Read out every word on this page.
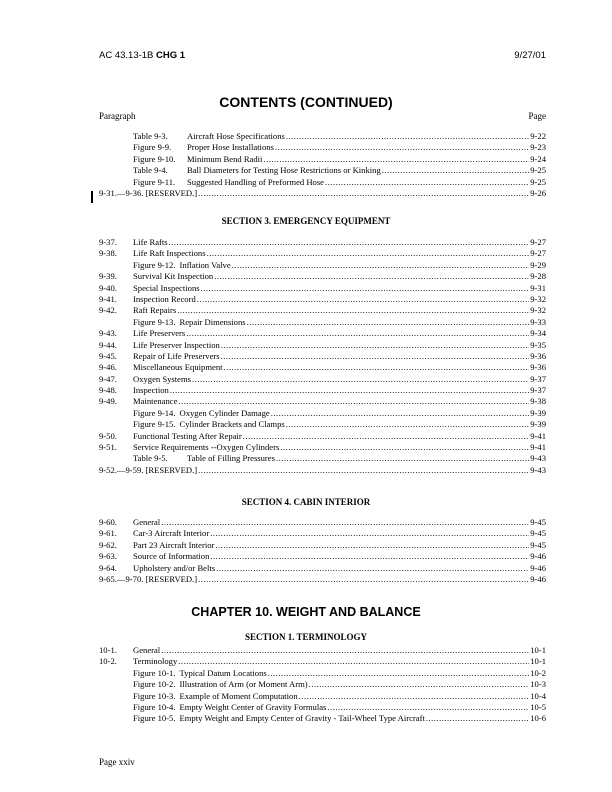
AC 43.13-1B CHG 1	9/27/01
CONTENTS (CONTINUED)
Paragraph	Page
Table 9-3.	Aircraft Hose Specifications .....	9-22
Figure 9-9.	Proper Hose Installations .....	9-23
Figure 9-10.	Minimum Bend Radii .....	9-24
Table 9-4.	Ball Diameters for Testing Hose Restrictions or Kinking .....	9-25
Figure 9-11.	Suggested Handling of Preformed Hose .....	9-25
9-31.—9-36. [RESERVED.] .....	9-26
SECTION 3. EMERGENCY EQUIPMENT
9-37. Life Rafts .....	9-27
9-38. Life Raft Inspections .....	9-27
Figure 9-12. Inflation Valve .....	9-29
9-39. Survival Kit Inspection .....	9-28
9-40. Special Inspections .....	9-31
9-41. Inspection Record .....	9-32
9-42. Raft Repairs .....	9-32
Figure 9-13. Repair Dimensions .....	9-33
9-43. Life Preservers .....	9-34
9-44. Life Preserver Inspection .....	9-35
9-45. Repair of Life Preservers .....	9-36
9-46. Miscellaneous Equipment .....	9-36
9-47. Oxygen Systems .....	9-37
9-48. Inspection .....	9-37
9-49. Maintenance .....	9-38
Figure 9-14. Oxygen Cylinder Damage .....	9-39
Figure 9-15. Cylinder Brackets and Clamps .....	9-39
9-50. Functional Testing After Repair .....	9-41
9-51. Service Requirements --Oxygen Cylinders .....	9-41
Table 9-5.	Table of Filling Pressures .....	9-43
9-52.—9-59. [RESERVED.] .....	9-43
SECTION 4. CABIN INTERIOR
9-60. General .....	9-45
9-61. Car-3 Aircraft Interior .....	9-45
9-62. Part 23 Aircraft Interior .....	9-45
9-63. Source of Information .....	9-46
9-64. Upholstery and/or Belts .....	9-46
9-65.—9-70. [RESERVED.] .....	9-46
CHAPTER 10. WEIGHT AND BALANCE
SECTION 1. TERMINOLOGY
10-1. General .....	10-1
10-2. Terminology .....	10-1
Figure 10-1. Typical Datum Locations .....	10-2
Figure 10-2. Illustration of Arm (or Moment Arm) .....	10-3
Figure 10-3. Example of Moment Computation .....	10-4
Figure 10-4. Empty Weight Center of Gravity Formulas .....	10-5
Figure 10-5. Empty Weight and Empty Center of Gravity - Tail-Wheel Type Aircraft .....	10-6
Page xxiv
